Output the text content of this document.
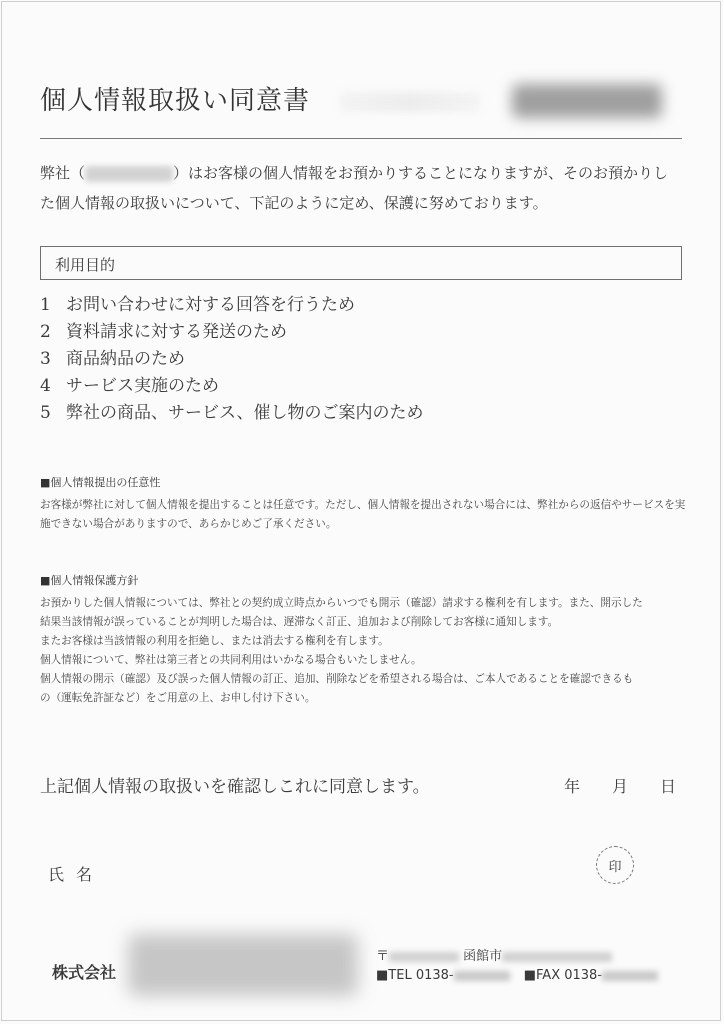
個人情報取扱い同意書
弊社（	）はお客様の個人情報をお預かりすることになりますが、そのお預かりした個人情報の取扱いについて、下記のように定め、保護に努めております。
利用目的
1 お問い合わせに対する回答を行うため
2 資料請求に対する発送のため
3 商品納品のため
4 サービス実施のため
5 弊社の商品、サービス、催し物のご案内のため
■個人情報提出の任意性
お客様が弊社に対して個人情報を提出することは任意です。ただし、個人情報を提出されない場合には、弊社からの返信やサービスを実施できない場合がありますので、あらかじめご了承ください。
■個人情報保護方針
お預かりした個人情報については、弊社との契約成立時点からいつでも開示（確認）請求する権利を有します。また、開示した
結果当該情報が誤っていることが判明した場合は、遅滞なく訂正、追加および削除してお客様に通知します。
またお客様は当該情報の利用を拒絶し、または消去する権利を有します。
個人情報について、弊社は第三者との共同利用はいかなる場合もいたしません。
個人情報の開示（確認）及び誤った個人情報の訂正、追加、削除などを希望される場合は、ご本人であることを確認できるも
の（運転免許証など）をご用意の上、お申し付け下さい。
上記個人情報の取扱いを確認しこれに同意します。	年 月 日
印
氏名
株式会社
〒	函館市
■TEL 0138-	■FAX 0138-
